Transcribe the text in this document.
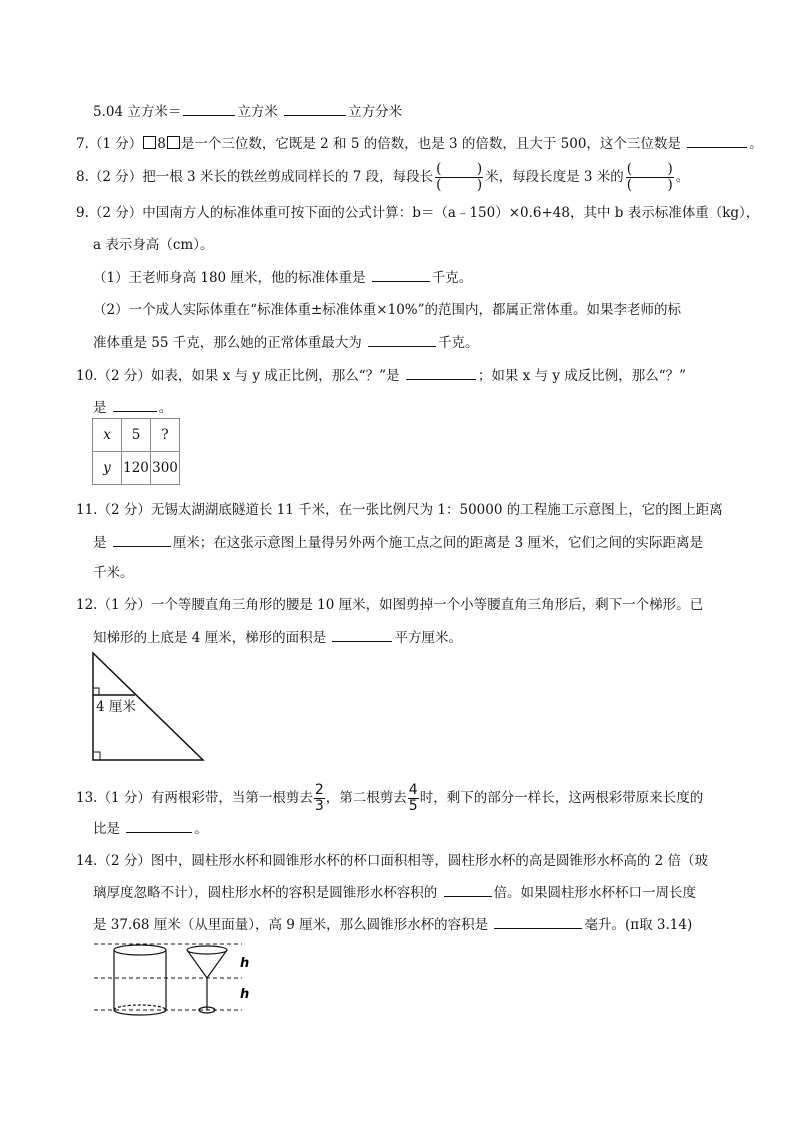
5.04 立方米＝	立方米	立方分米
7.（1 分） 8 是一个三位数，它既是 2 和 5 的倍数，也是 3 的倍数，且大于 500，这个三位数是	。
8.（2 分）把一根 3 米长的铁丝剪成同样长的 7 段，每段长 (	)
(	) 米，每段长度是 3 米的 (	)
(	) 。
9.（2 分）中国南方人的标准体重可按下面的公式计算：b＝（a﹣150）×0.6+48，其中 b 表示标准体重（kg），
a 表示身高（cm）。
（1）王老师身高 180 厘米，他的标准体重是	千克。
（2）一个成人实际体重在“标准体重±标准体重×10%”的范围内，都属正常体重。如果李老师的标
准体重是 55 千克，那么她的正常体重最大为	千克。
10.（2 分）如表，如果 x 与 y 成正比例，那么“？”是	；如果 x 与 y 成反比例，那么“？”
是	。
x	5	?
y	120	300
11.（2 分）无锡太湖湖底隧道长 11 千米，在一张比例尺为 1：50000 的工程施工示意图上，它的图上距离
是	厘米；在这张示意图上量得另外两个施工点之间的距离是 3 厘米，它们之间的实际距离是
千米。
12.（1 分）一个等腰直角三角形的腰是 10 厘米，如图剪掉一个小等腰直角三角形后，剩下一个梯形。已
知梯形的上底是 4 厘米，梯形的面积是	平方厘米。
4 厘米
13.（1 分）有两根彩带，当第一根剪去 $\frac{2}{3}$ ，第二根剪去 $\frac{4}{5}$ 时，剩下的部分一样长，这两根彩带原来长度的
比是	。
14.（2 分）图中，圆柱形水杯和圆锥形水杯的杯口面积相等，圆柱形水杯的高是圆锥形水杯高的 2 倍（玻
璃厚度忽略不计），圆柱形水杯的容积是圆锥形水杯容积的	倍。如果圆柱形水杯杯口一周长度
是 37.68 厘米（从里面量），高 9 厘米，那么圆锥形水杯的容积是	毫升。(π取 3.14)
h
h
